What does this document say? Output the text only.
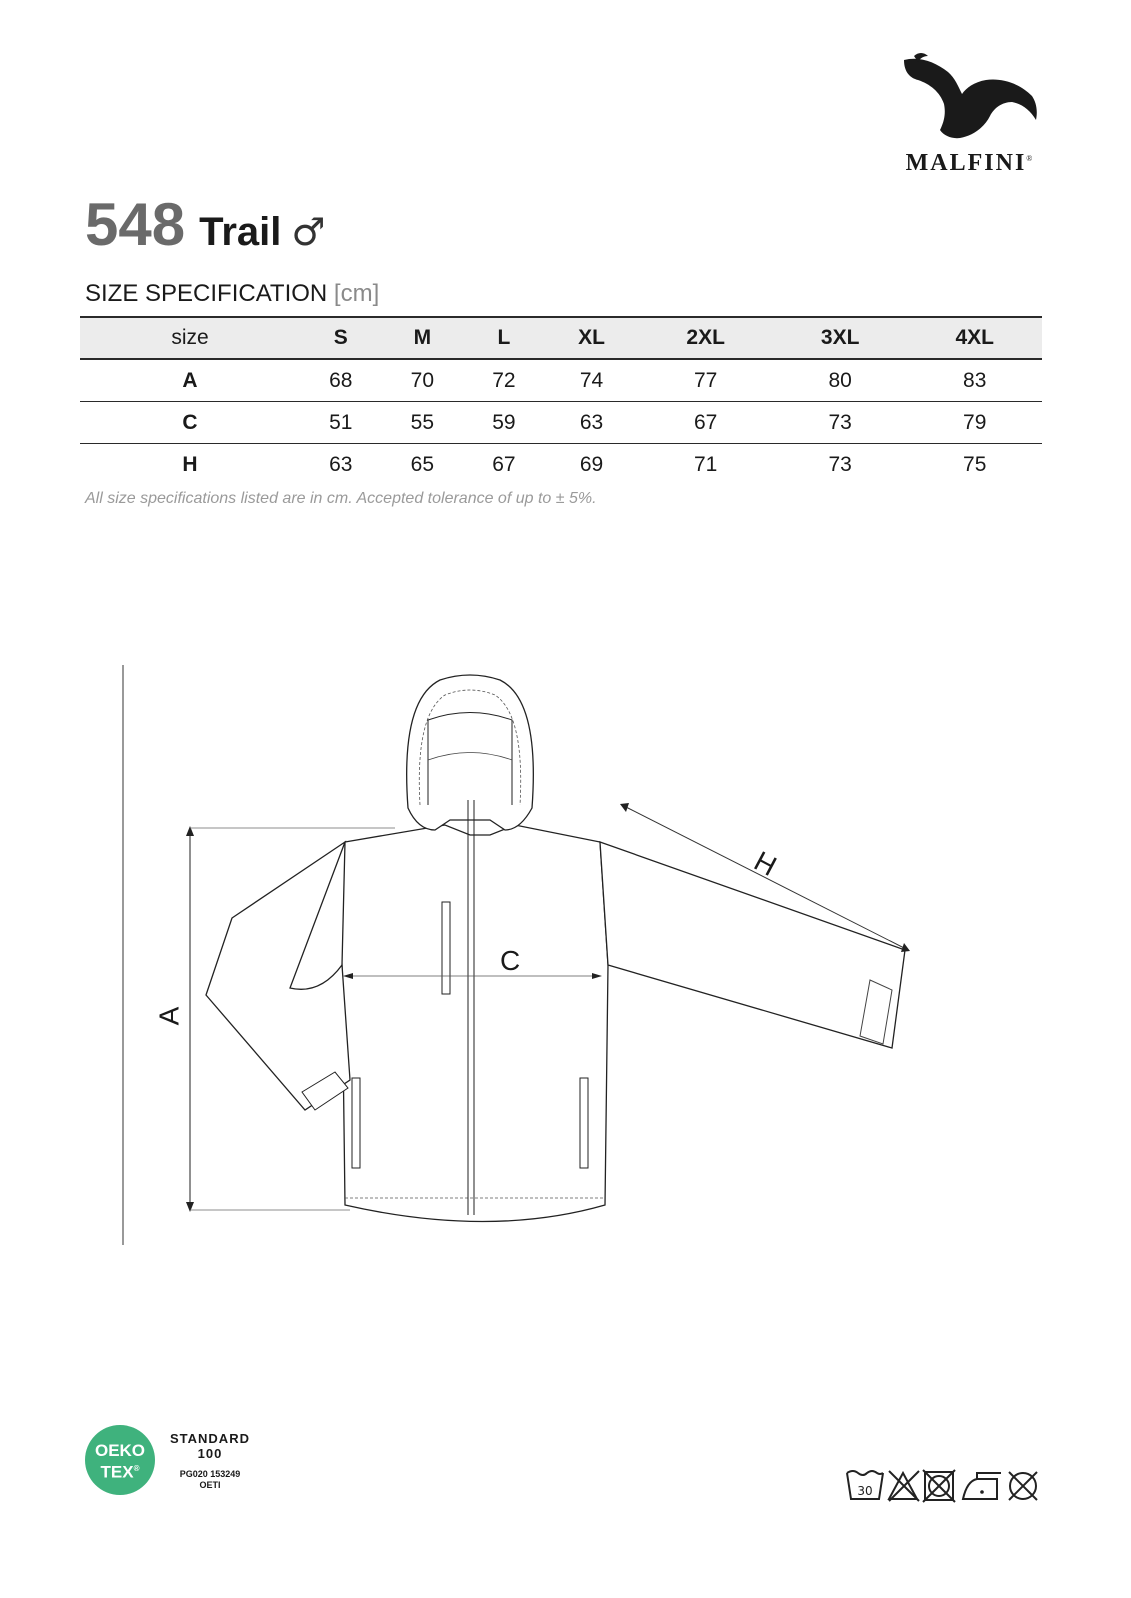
MALFINI®
548 Trail ♂
SIZE SPECIFICATION [cm]
size	S	M	L	XL	2XL	3XL	4XL
A	68	70	72	74	77	80	83
C	51	55	59	63	67	73	79
H	63	65	67	69	71	73	75
All size specifications listed are in cm. Accepted tolerance of up to ± 5%.
A
C
H
OEKO
TEX®
STANDARD
100
PG020 153249
OETI	30
